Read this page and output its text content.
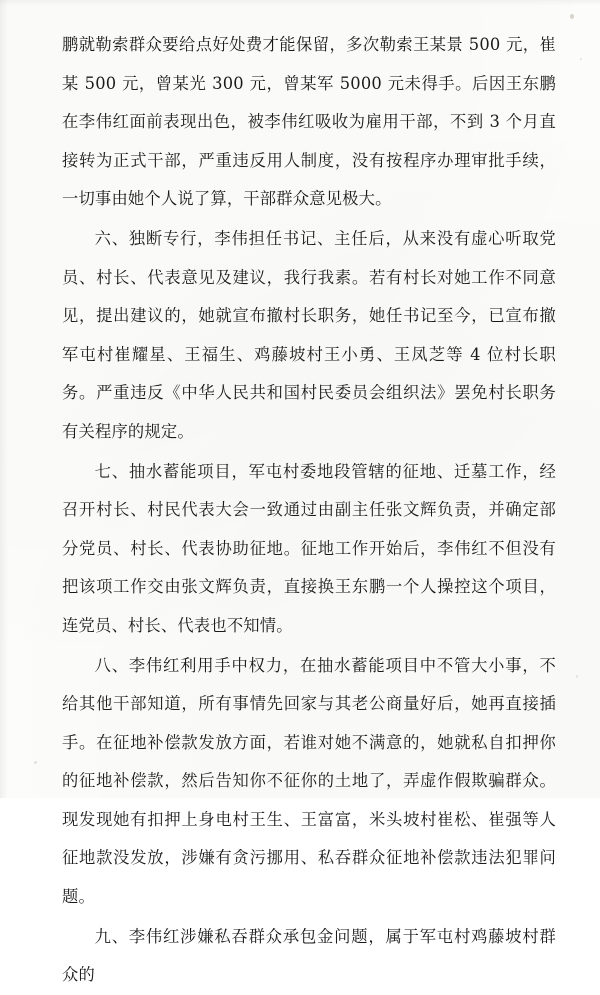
鹏就勒索群众要给点好处费才能保留，多次勒索王某景 500 元，崔某 500 元，曾某光 300 元，曾某军 5000 元未得手。后因王东鹏在李伟红面前表现出色，被李伟红吸收为雇用干部，不到 3 个月直接转为正式干部，严重违反用人制度，没有按程序办理审批手续，一切事由她个人说了算，干部群众意见极大。

六、独断专行，李伟担任书记、主任后，从来没有虚心听取党员、村长、代表意见及建议，我行我素。若有村长对她工作不同意见，提出建议的，她就宣布撤村长职务，她任书记至今，已宣布撤军屯村崔耀星、王福生、鸡藤坡村王小勇、王凤芝等 4 位村长职务。严重违反《中华人民共和国村民委员会组织法》罢免村长职务有关程序的规定。

七、抽水蓄能项目，军屯村委地段管辖的征地、迁墓工作，经召开村长、村民代表大会一致通过由副主任张文辉负责，并确定部分党员、村长、代表协助征地。征地工作开始后，李伟红不但没有把该项工作交由张文辉负责，直接换王东鹏一个人操控这个项目，连党员、村长、代表也不知情。

八、李伟红利用手中权力，在抽水蓄能项目中不管大小事，不给其他干部知道，所有事情先回家与其老公商量好后，她再直接插手。在征地补偿款发放方面，若谁对她不满意的，她就私自扣押你的征地补偿款，然后告知你不征你的土地了，弄虚作假欺骗群众。现发现她有扣押上身电村王生、王富富，米头坡村崔松、崔强等人征地款没发放，涉嫌有贪污挪用、私吞群众征地补偿款违法犯罪问题。

九、李伟红涉嫌私吞群众承包金问题，属于军屯村鸡藤坡村群众的
